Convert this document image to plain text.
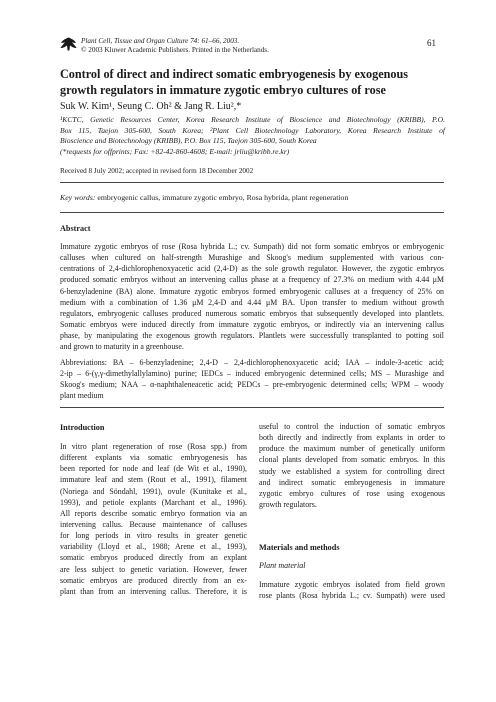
Plant Cell, Tissue and Organ Culture 74: 61–66, 2003.
© 2003 Kluwer Academic Publishers. Printed in the Netherlands.
61
Control of direct and indirect somatic embryogenesis by exogenous
growth regulators in immature zygotic embryo cultures of rose
Suk W. Kim¹, Seung C. Oh² & Jang R. Liu²,*
¹KCTC, Genetic Resources Center, Korea Research Institute of Bioscience and Biotechnology (KRIBB), P.O.
Box 115, Taejon 305-600, South Korea; ²Plant Cell Biotechnology Laboratory, Korea Research Institute of
Bioscience and Biotechnology (KRIBB), P.O. Box 115, Taejon 305-600, South Korea
(*requests for offprints; Fax: +82-42-860-4608; E-mail: jrliu@kribb.re.kr)
Received 8 July 2002; accepted in revised form 18 December 2002
Key words: embryogenic callus, immature zygotic embryo, Rosa hybrida, plant regeneration
Abstract
Immature zygotic embryos of rose (Rosa hybrida L.; cv. Sumpath) did not form somatic embryos or embryogenic
calluses when cultured on half-strength Murashige and Skoog's medium supplemented with various con-
centrations of 2,4-dichlorophenoxyacetic acid (2,4-D) as the sole growth regulator. However, the zygotic embryos
produced somatic embryos without an intervening callus phase at a frequency of 27.3% on medium with 4.44 μM
6-benzyladenine (BA) alone. Immature zygotic embryos formed embryogenic calluses at a frequency of 25% on
medium with a combination of 1.36 μM 2,4-D and 4.44 μM BA. Upon transfer to medium without growth
regulators, embryogenic calluses produced numerous somatic embryos that subsequently developed into plantlets.
Somatic embryos were induced directly from immature zygotic embryos, or indirectly via an intervening callus
phase, by manipulating the exogenous growth regulators. Plantlets were successfully transplanted to potting soil
and grown to maturity in a greenhouse.
Abbreviations: BA – 6-benzyladenine; 2,4-D – 2,4-dichlorophenoxyacetic acid; IAA – indole-3-acetic acid;
2-ip – 6-(γ,γ-dimethylallylamino) purine; IEDCs – induced embryogenic determined cells; MS – Murashige and
Skoog's medium; NAA – α-naphthaleneacetic acid; PEDCs – pre-embryogenic determined cells; WPM – woody
plant medium
Introduction
In vitro plant regeneration of rose (Rosa spp.) from
different explants via somatic embryogenesis has
been reported for node and leaf (de Wit et al., 1990),
immature leaf and stem (Rout et al., 1991), filament
(Noriega and Söndahl, 1991), ovule (Kunitake et al.,
1993), and petiole explants (Marchant et al., 1996).
All reports describe somatic embryo formation via an
intervening callus. Because maintenance of calluses
for long periods in vitro results in greater genetic
variability (Lloyd et al., 1988; Arene et al., 1993),
somatic embryos produced directly from an explant
are less subject to genetic variation. However, fewer
somatic embryos are produced directly from an ex-
plant than from an intervening callus. Therefore, it is
useful to control the induction of somatic embryos
both directly and indirectly from explants in order to
produce the maximum number of genetically uniform
clonal plants developed from somatic embryos. In this
study we established a system for controlling direct
and indirect somatic embryogenesis in immature
zygotic embryo cultures of rose using exogenous
growth regulators.
Materials and methods
Plant material
Immature zygotic embryos isolated from field grown
rose plants (Rosa hybrida L.; cv. Sumpath) were used
